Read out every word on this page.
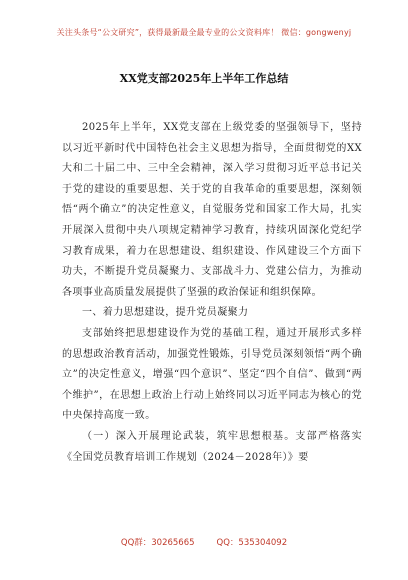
关注头条号“公文研究”，获得最新最全最专业的公文资料库！ 微信：gongwenyj
XX党支部2025年上半年工作总结

2025年上半年，XX党支部在上级党委的坚强领导下，坚持以习近平新时代中国特色社会主义思想为指导，全面贯彻党的XX大和二十届二中、三中全会精神，深入学习贯彻习近平总书记关于党的建设的重要思想、关于党的自我革命的重要思想，深刻领悟“两个确立”的决定性意义，自觉服务党和国家工作大局，扎实开展深入贯彻中央八项规定精神学习教育，持续巩固深化党纪学习教育成果，着力在思想建设、组织建设、作风建设三个方面下功夫，不断提升党员凝聚力、支部战斗力、党建公信力，为推动各项事业高质量发展提供了坚强的政治保证和组织保障。

一、着力思想建设，提升党员凝聚力

支部始终把思想建设作为党的基础工程，通过开展形式多样的思想政治教育活动，加强党性锻炼，引导党员深刻领悟“两个确立”的决定性意义，增强“四个意识”、坚定“四个自信”、做到“两个维护”，在思想上政治上行动上始终同以习近平同志为核心的党中央保持高度一致。

（一）深入开展理论武装，筑牢思想根基。支部严格落实《全国党员教育培训工作规划（2024－2028年）》要

QQ群：30265665	QQ：535304092
